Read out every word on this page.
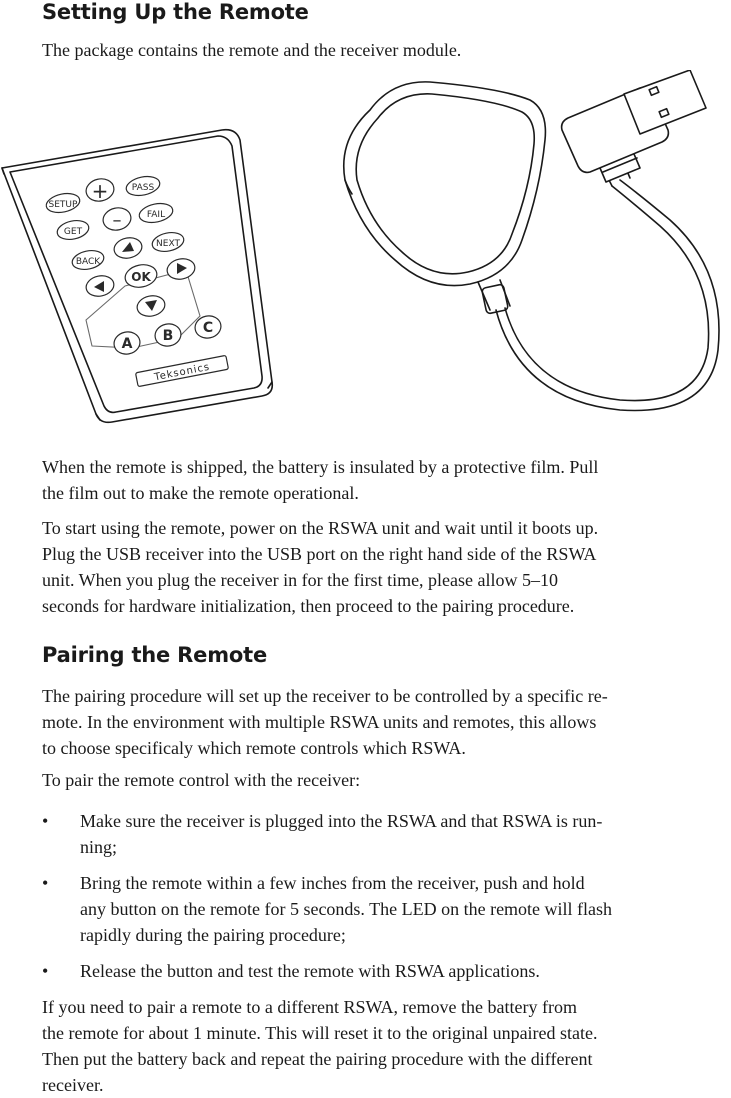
Setting Up the Remote

The package contains the remote and the receiver module.

SETUP
+	PASS
GET
–	FAIL
BACK
NEXT
OK
A B C
Teksonics

When the remote is shipped, the battery is insulated by a protective film. Pull
the film out to make the remote operational.

To start using the remote, power on the RSWA unit and wait until it boots up.
Plug the USB receiver into the USB port on the right hand side of the RSWA
unit. When you plug the receiver in for the first time, please allow 5–10
seconds for hardware initialization, then proceed to the pairing procedure.

Pairing the Remote

The pairing procedure will set up the receiver to be controlled by a specific re-
mote. In the environment with multiple RSWA units and remotes, this allows
to choose specificaly which remote controls which RSWA.

To pair the remote control with the receiver:

•	Make sure the receiver is plugged into the RSWA and that RSWA is run-
ning;
•	Bring the remote within a few inches from the receiver, push and hold
any button on the remote for 5 seconds. The LED on the remote will flash
rapidly during the pairing procedure;
•	Release the button and test the remote with RSWA applications.

If you need to pair a remote to a different RSWA, remove the battery from
the remote for about 1 minute. This will reset it to the original unpaired state.
Then put the battery back and repeat the pairing procedure with the different
receiver.
